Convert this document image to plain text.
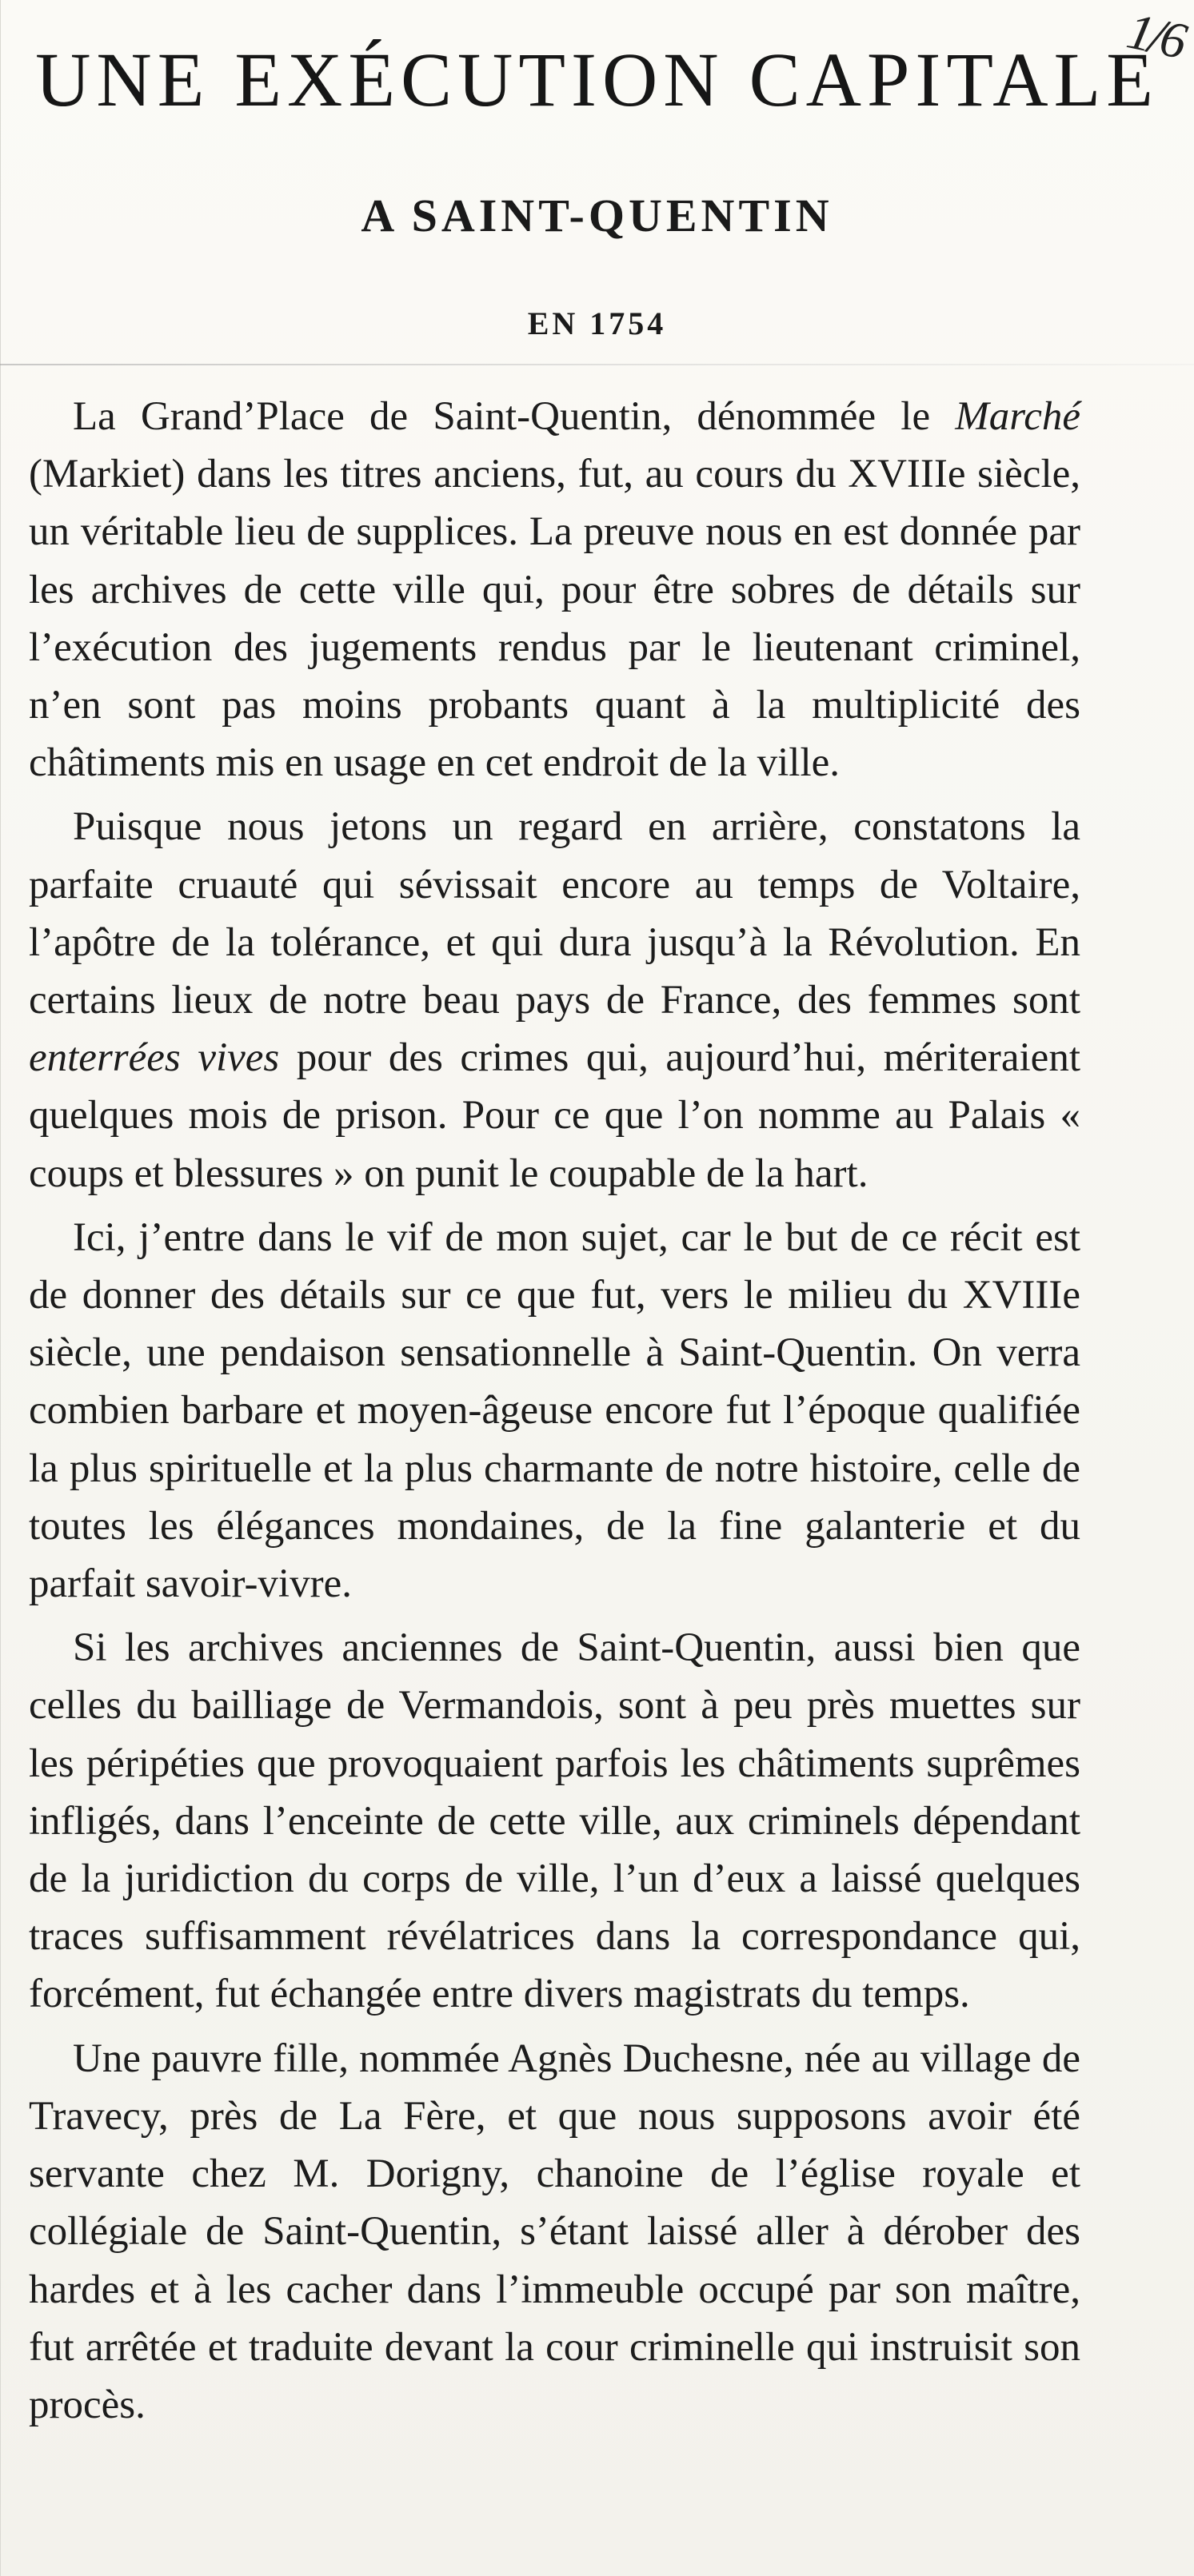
1/6
UNE EXÉCUTION CAPITALE
A SAINT-QUENTIN
EN 1754

La Grand’Place de Saint-Quentin, dénommée le Marché (Markiet) dans les titres anciens, fut, au cours du XVIIIe siècle, un véritable lieu de supplices. La preuve nous en est donnée par les archives de cette ville qui, pour être sobres de détails sur l’exécution des jugements rendus par le lieutenant criminel, n’en sont pas moins probants quant à la multiplicité des châtiments mis en usage en cet endroit de la ville.

Puisque nous jetons un regard en arrière, constatons la parfaite cruauté qui sévissait encore au temps de Voltaire, l’apôtre de la tolérance, et qui dura jusqu’à la Révolution. En certains lieux de notre beau pays de France, des femmes sont enterrées vives pour des crimes qui, aujourd’hui, mériteraient quelques mois de prison. Pour ce que l’on nomme au Palais « coups et blessures » on punit le coupable de la hart.

Ici, j’entre dans le vif de mon sujet, car le but de ce récit est de donner des détails sur ce que fut, vers le milieu du XVIIIe siècle, une pendaison sensationnelle à Saint-Quentin. On verra combien barbare et moyen-âgeuse encore fut l’époque qualifiée la plus spirituelle et la plus charmante de notre histoire, celle de toutes les élégances mondaines, de la fine galanterie et du parfait savoir-vivre.

Si les archives anciennes de Saint-Quentin, aussi bien que celles du bailliage de Vermandois, sont à peu près muettes sur les péripéties que provoquaient parfois les châtiments suprêmes infligés, dans l’enceinte de cette ville, aux criminels dépendant de la juridiction du corps de ville, l’un d’eux a laissé quelques traces suffisamment révélatrices dans la correspondance qui, forcément, fut échangée entre divers magistrats du temps.

Une pauvre fille, nommée Agnès Duchesne, née au village de Travecy, près de La Fère, et que nous supposons avoir été servante chez M. Dorigny, chanoine de l’église royale et collégiale de Saint-Quentin, s’étant laissé aller à dérober des hardes et à les cacher dans l’immeuble occupé par son maître, fut arrêtée et traduite devant la cour criminelle qui instruisit son procès.
